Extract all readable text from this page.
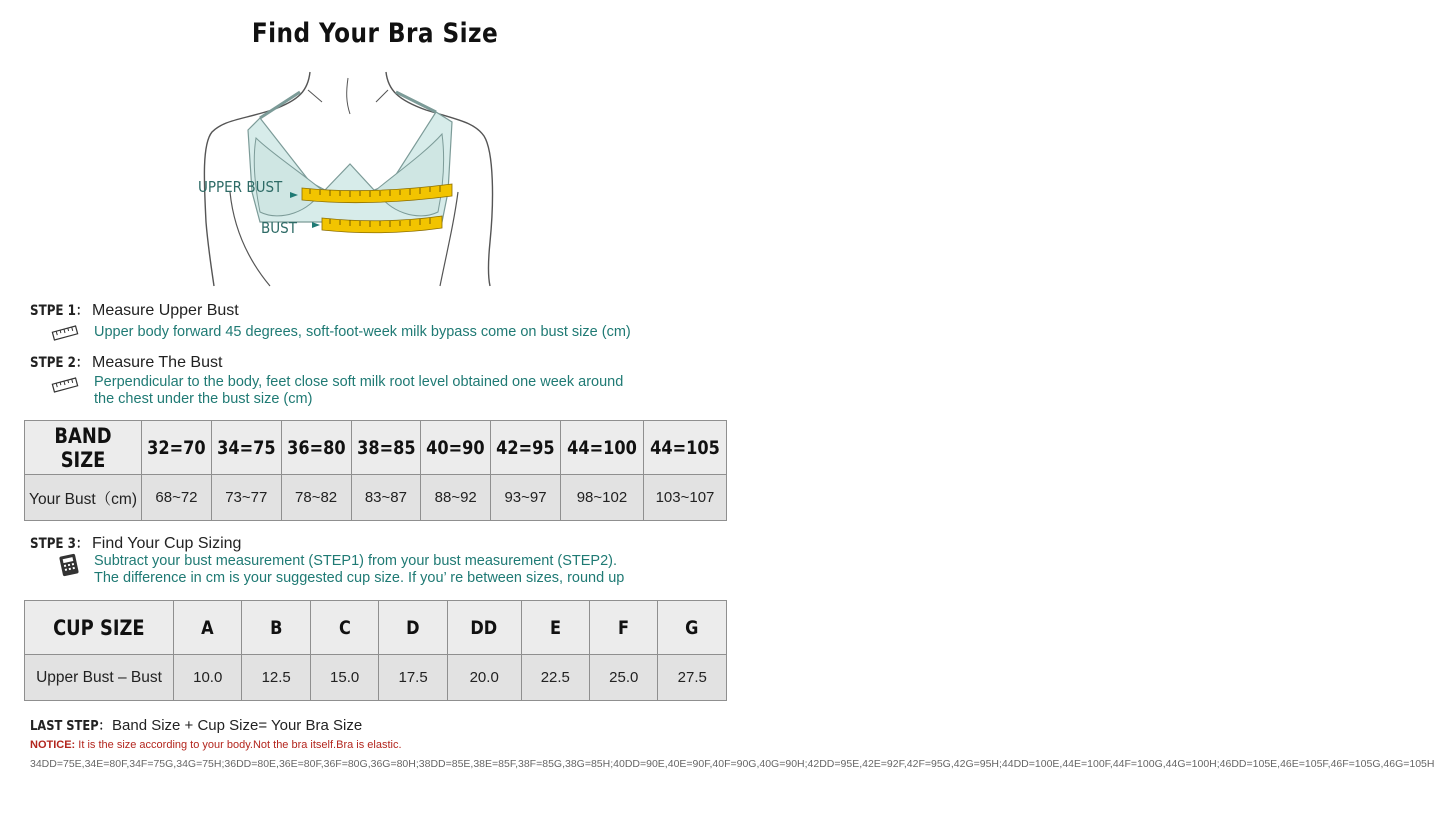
Find Your Bra Size
UPPER BUST
BUST
STPE 1： Measure Upper Bust
Upper body forward 45 degrees, soft-foot-week milk bypass come on bust size (cm)
STPE 2： Measure The Bust
Perpendicular to the body, feet close soft milk root level obtained one week around
the chest under the bust size (cm)
BAND SIZE	32=70	34=75	36=80	38=85	40=90	42=95	44=100	44=105
Your Bust（cm)	68~72	73~77	78~82	83~87	88~92	93~97	98~102	103~107
STPE 3： Find Your Cup Sizing
Subtract your bust measurement (STEP1) from your bust measurement (STEP2).
The difference in cm is your suggested cup size. If you’ re between sizes, round up
CUP SIZE	A	B	C	D	DD	E	F	G
Upper Bust – Bust	10.0	12.5	15.0	17.5	20.0	22.5	25.0	27.5
LAST STEP： Band Size + Cup Size= Your Bra Size
NOTICE: It is the size according to your body.Not the bra itself.Bra is elastic.
34DD=75E,34E=80F,34F=75G,34G=75H;36DD=80E,36E=80F,36F=80G,36G=80H;38DD=85E,38E=85F,38F=85G,38G=85H;40DD=90E,40E=90F,40F=90G,40G=90H;42DD=95E,42E=92F,42F=95G,42G=95H;44DD=100E,44E=100F,44F=100G,44G=100H;46DD=105E,46E=105F,46F=105G,46G=105H
